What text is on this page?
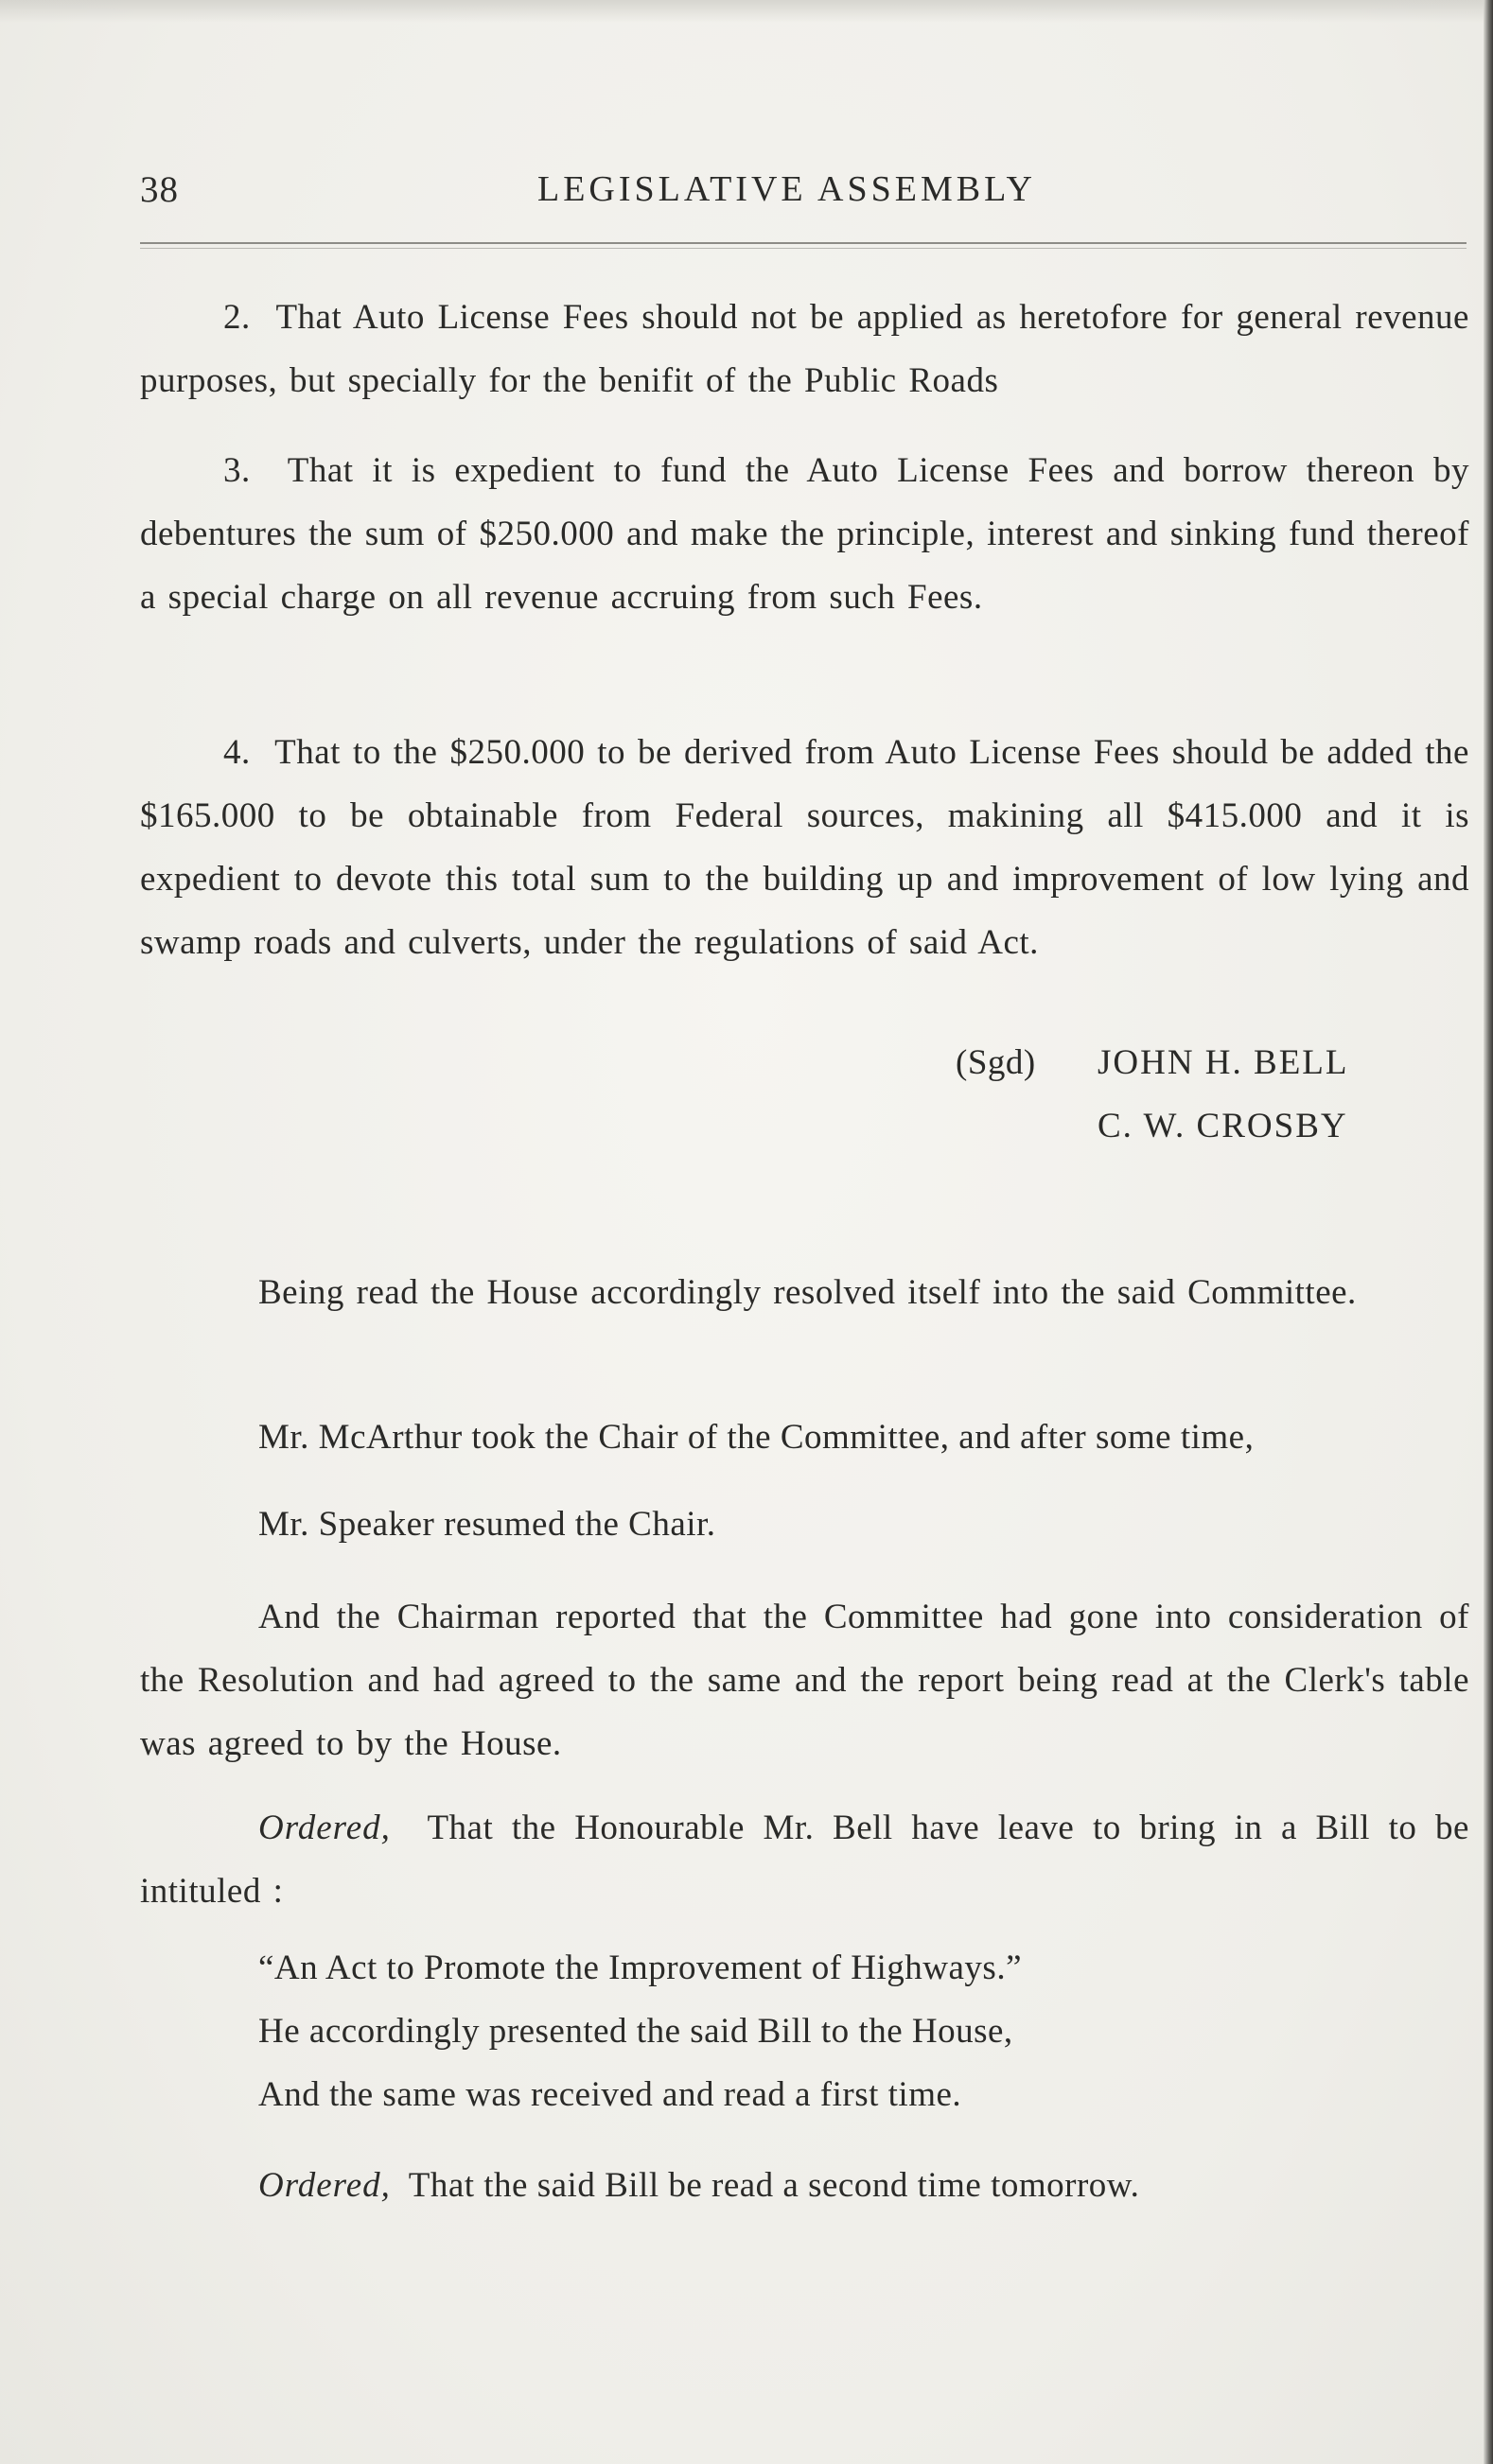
38	LEGISLATIVE ASSEMBLY
2. That Auto License Fees should not be applied as heretofore for general revenue purposes, but specially for the benifit of the Public Roads
3. That it is expedient to fund the Auto License Fees and borrow thereon by debentures the sum of $250.000 and make the principle, interest and sinking fund thereof a special charge on all revenue accruing from such Fees.
4. That to the $250.000 to be derived from Auto License Fees should be added the $165.000 to be obtainable from Federal sources, makining all $415.000 and it is expedient to devote this total sum to the building up and improvement of low lying and swamp roads and culverts, under the regulations of said Act.
(Sgd) JOHN H. BELL
C. W. CROSBY
Being read the House accordingly resolved itself into the said Committee.
Mr. McArthur took the Chair of the Committee, and after some time,
Mr. Speaker resumed the Chair.
And the Chairman reported that the Committee had gone into consideration of the Resolution and had agreed to the same and the report being read at the Clerk's table was agreed to by the House.
Ordered, That the Honourable Mr. Bell have leave to bring in a Bill to be intituled :
“An Act to Promote the Improvement of Highways.”
He accordingly presented the said Bill to the House,
And the same was received and read a first time.
Ordered, That the said Bill be read a second time tomorrow.
